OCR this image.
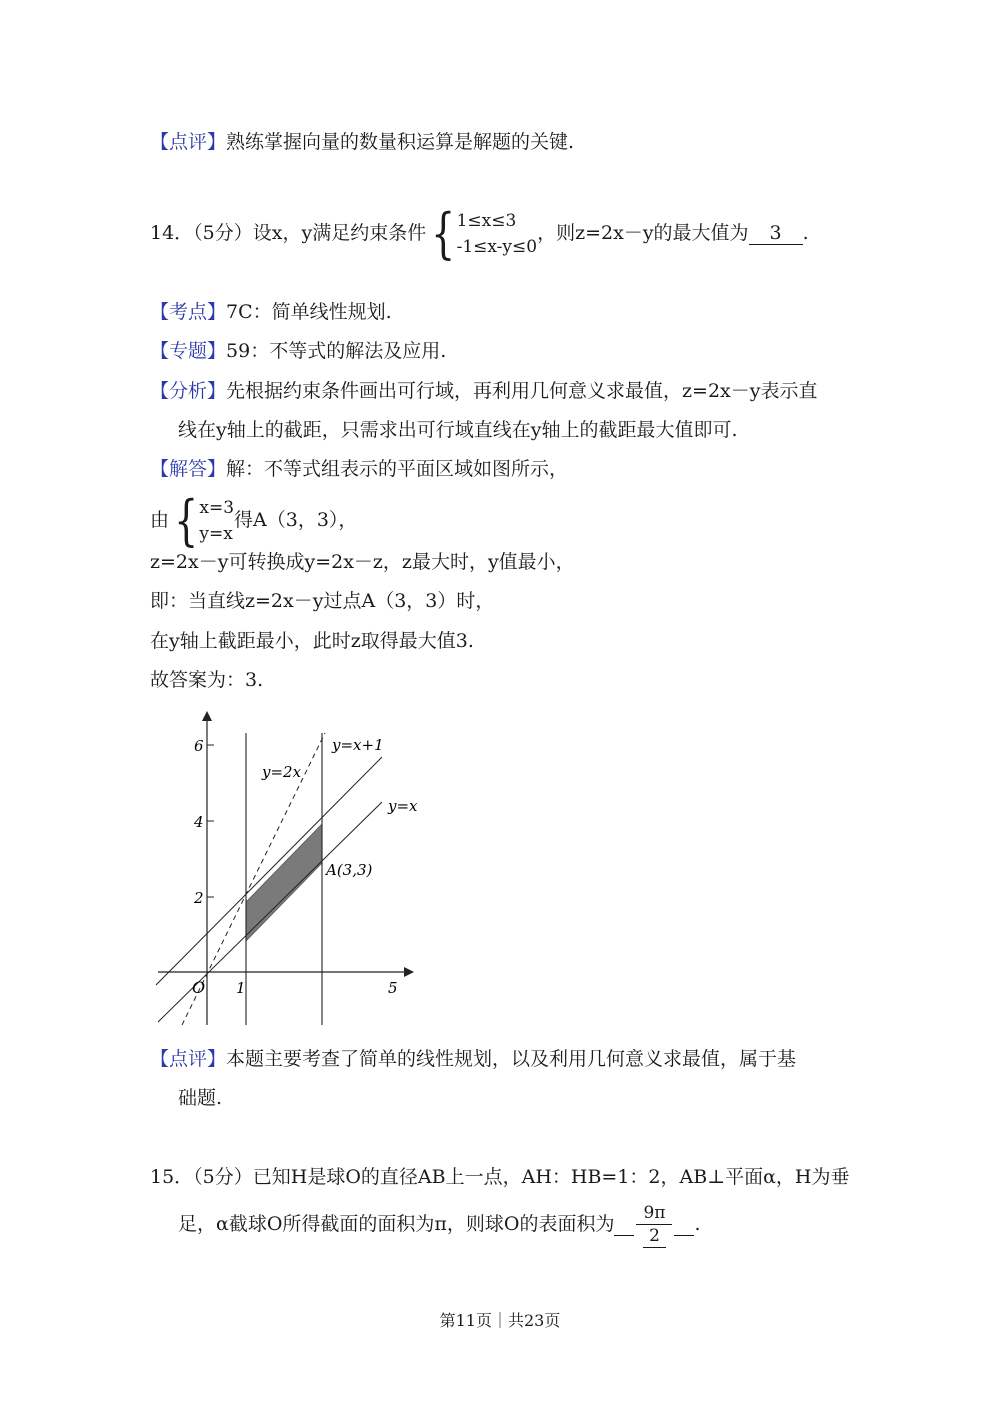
【点评】熟练掌握向量的数量积运算是解题的关键.
14．（5分）设x，y满足约束条件{1≤x≤3
-1≤x-y≤0，则z=2x－y的最大值为 3 .
【考点】7C：简单线性规划.
【专题】59：不等式的解法及应用.
【分析】先根据约束条件画出可行域，再利用几何意义求最值，z=2x－y表示直
线在y轴上的截距，只需求出可行域直线在y轴上的截距最大值即可.
【解答】解：不等式组表示的平面区域如图所示，
由{x=3
y=x得A（3，3），
z=2x－y可转换成y=2x－z，z最大时，y值最小，
即：当直线z=2x－y过点A（3，3）时，
在y轴上截距最小，此时z取得最大值3.
故答案为：3.
6
4
2
1	5
O
y=2x
y=x+1
y=x
A(3,3)
【点评】本题主要考查了简单的线性规划，以及利用几何意义求最值，属于基
础题.
15．（5分）已知H是球O的直径AB上一点，AH：HB=1：2，AB⊥平面α，H为垂
足，α截球O所得截面的面积为π，则球O的表面积为 $\frac{9\pi}{2}$ .
第11页｜共23页
